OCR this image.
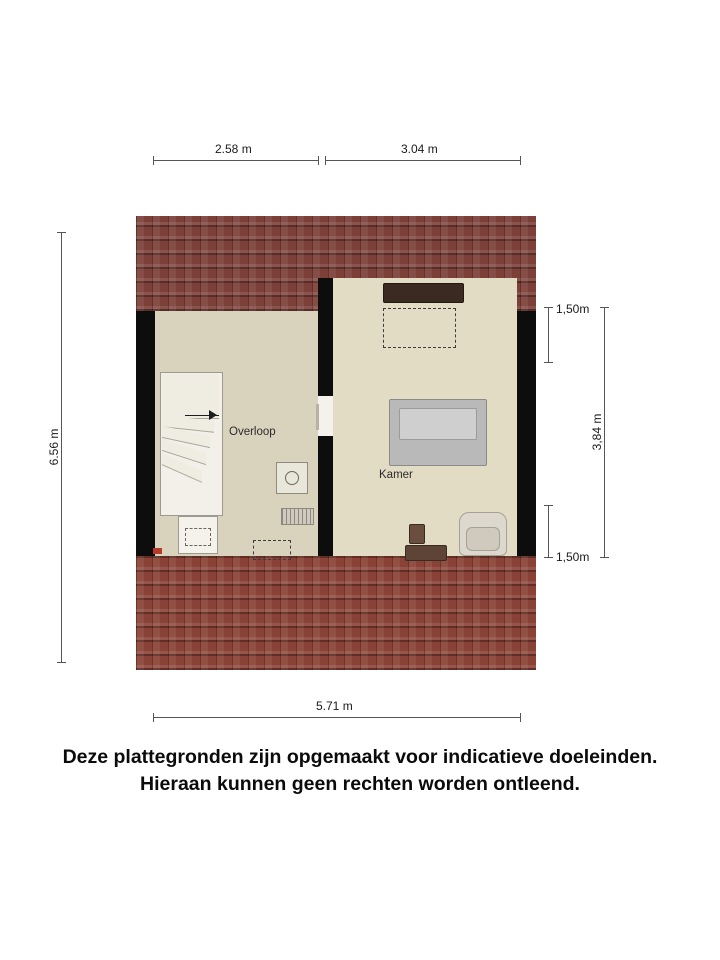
2.58 m	3.04 m
6.56 m
1,50m
3,84 m
1,50m
5.71 m
Overloop
Kamer
Deze plattegronden zijn opgemaakt voor indicatieve doeleinden.
Hieraan kunnen geen rechten worden ontleend.
